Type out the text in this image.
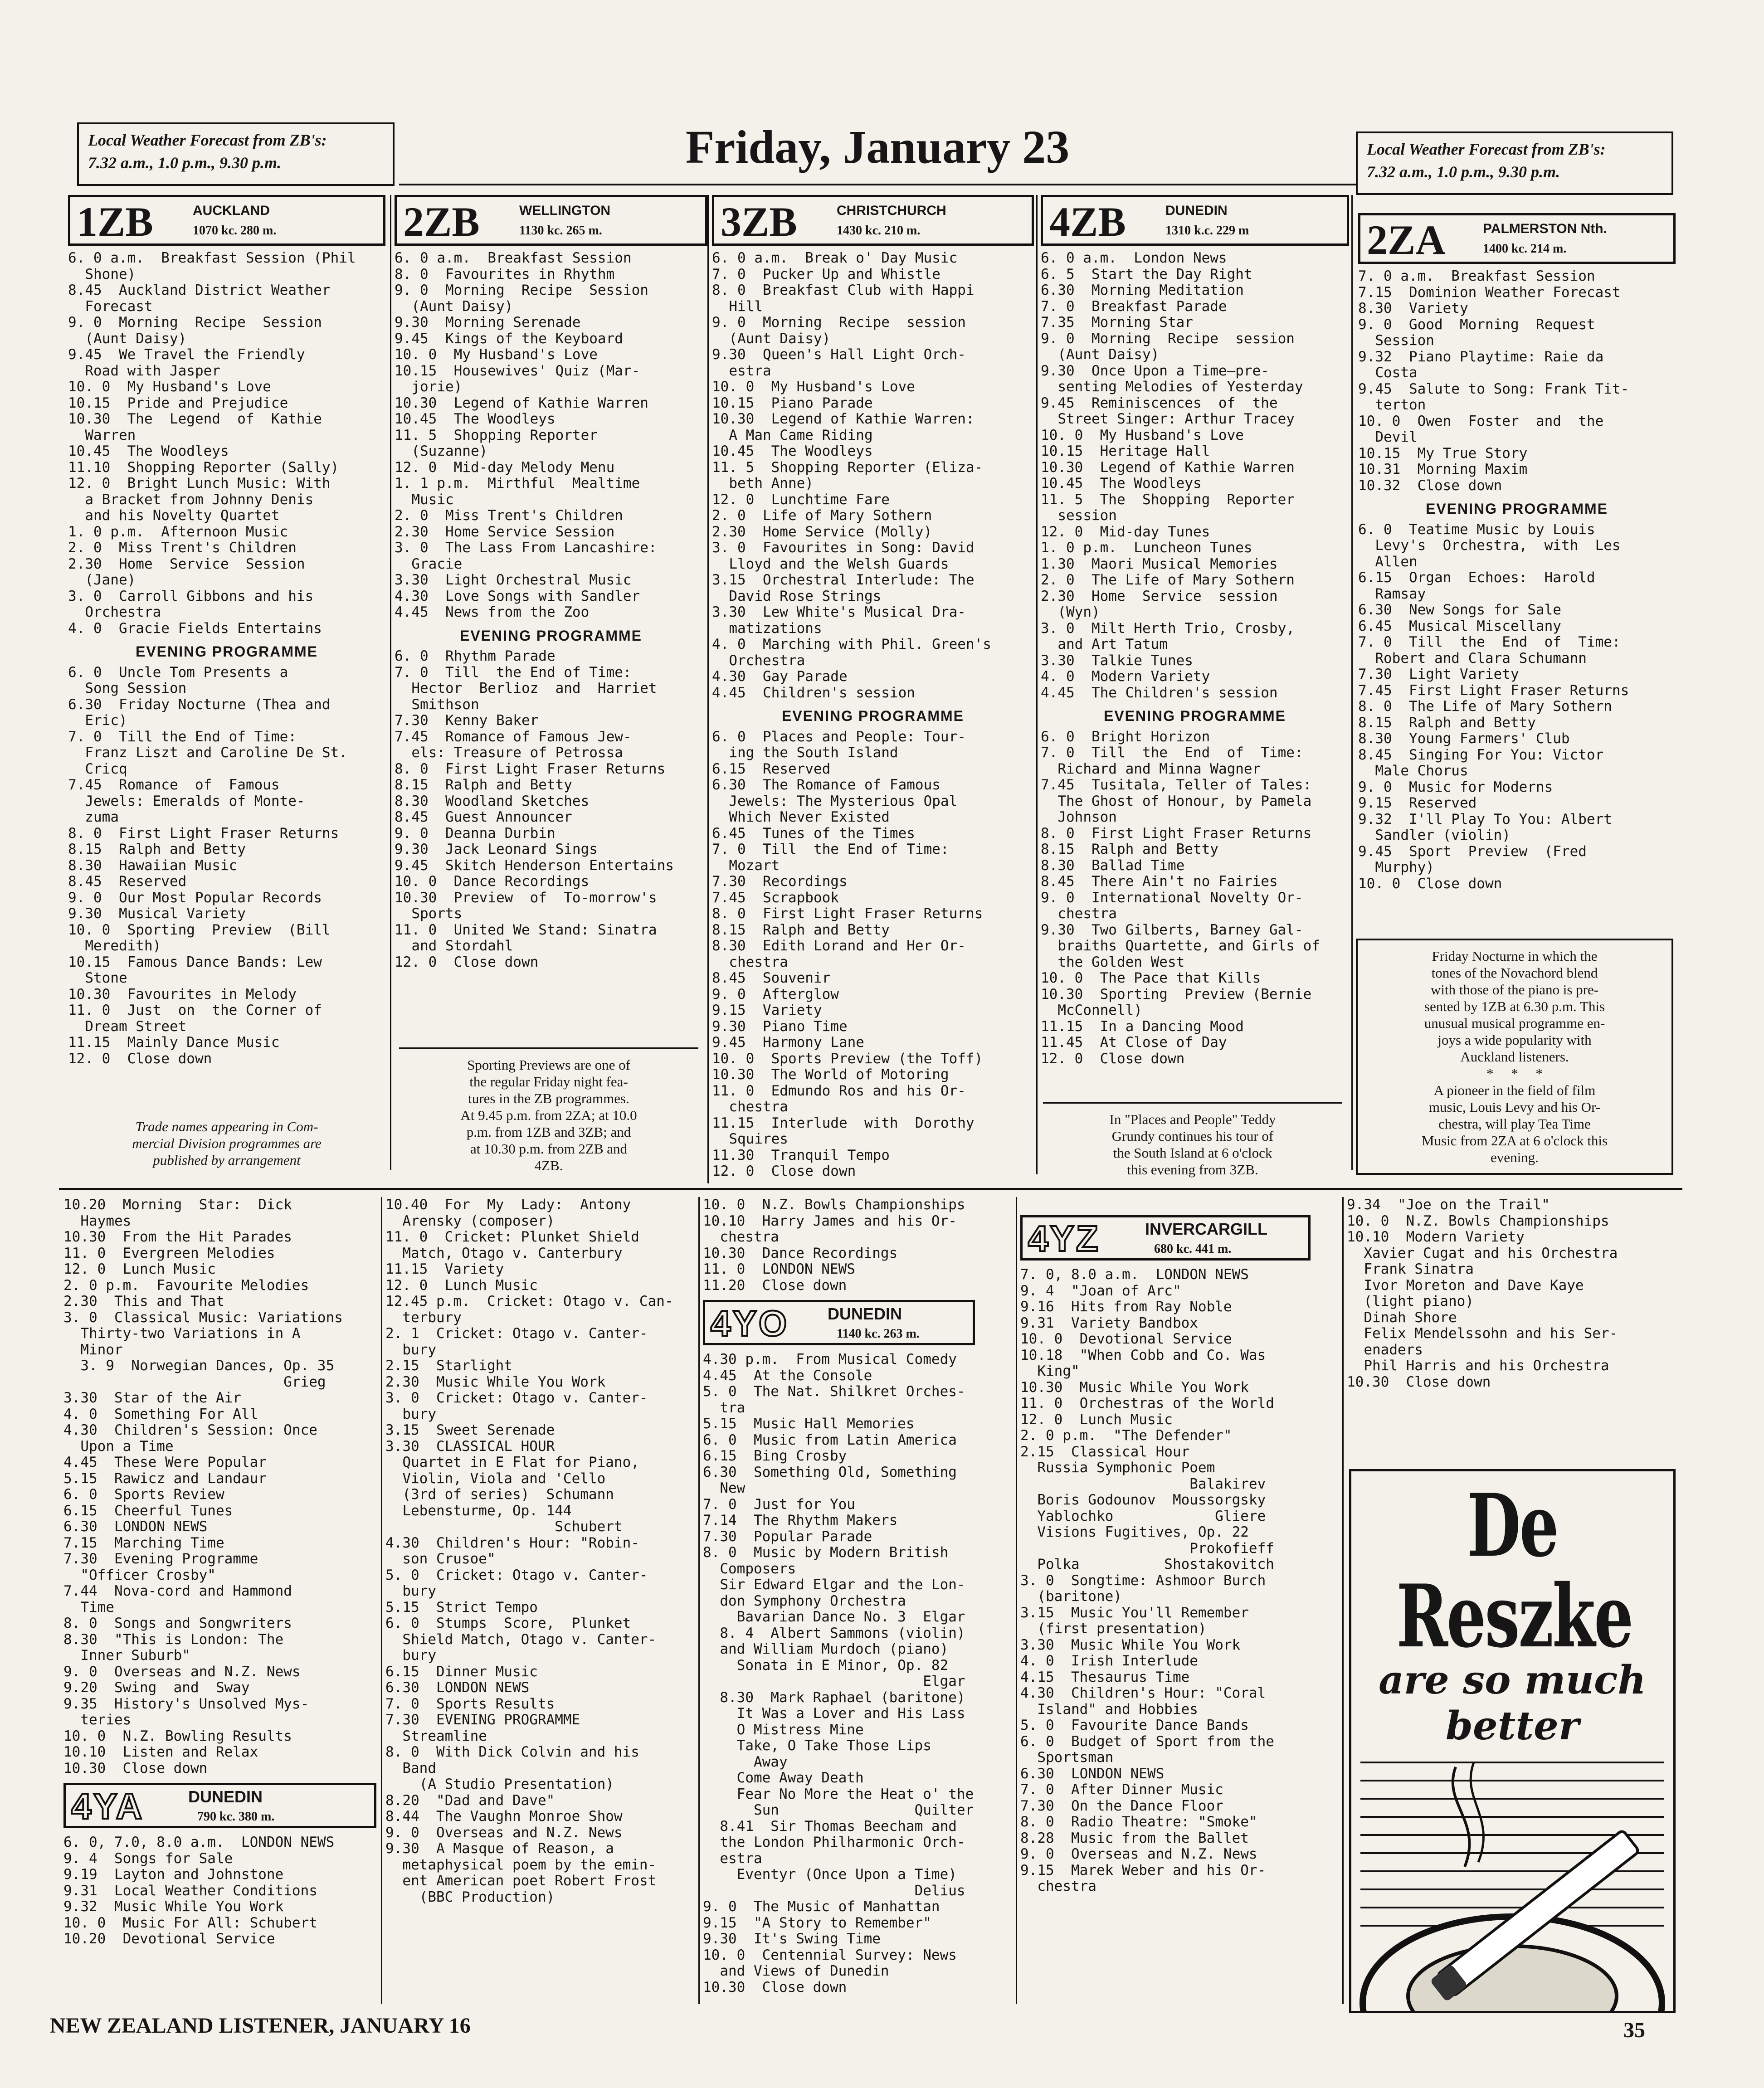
Local Weather Forecast from ZB's:
7.32 a.m., 1.0 p.m., 9.30 p.m.
Local Weather Forecast from ZB's:
7.32 a.m., 1.0 p.m., 9.30 p.m.
Friday, January 23
1ZB	AUCKLAND
1070 kc. 280 m.
6. 0 a.m.  Breakfast Session (Phil
Shone)
8.45  Auckland District Weather
Forecast
9. 0  Morning  Recipe  Session
(Aunt Daisy)
9.45  We Travel the Friendly
Road with Jasper
10. 0  My Husband's Love
10.15  Pride and Prejudice
10.30  The  Legend  of  Kathie
Warren
10.45  The Woodleys
11.10  Shopping Reporter (Sally)
12. 0  Bright Lunch Music: With
a Bracket from Johnny Denis
and his Novelty Quartet
1. 0 p.m.  Afternoon Music
2. 0  Miss Trent's Children
2.30  Home  Service  Session
(Jane)
3. 0  Carroll Gibbons and his
Orchestra
4. 0  Gracie Fields Entertains
EVENING PROGRAMME
6. 0  Uncle Tom Presents a
Song Session
6.30  Friday Nocturne (Thea and
Eric)
7. 0  Till the End of Time:
Franz Liszt and Caroline De St.
Cricq
7.45  Romance  of  Famous
Jewels: Emeralds of Monte-
zuma
8. 0  First Light Fraser Returns
8.15  Ralph and Betty
8.30  Hawaiian Music
8.45  Reserved
9. 0  Our Most Popular Records
9.30  Musical Variety
10. 0  Sporting  Preview  (Bill
Meredith)
10.15  Famous Dance Bands: Lew
Stone
10.30  Favourites in Melody
11. 0  Just  on  the Corner of
Dream Street
11.15  Mainly Dance Music
12. 0  Close down
2ZB	WELLINGTON
1130 kc. 265 m.
6. 0 a.m.  Breakfast Session
8. 0  Favourites in Rhythm
9. 0  Morning  Recipe  Session
(Aunt Daisy)
9.30  Morning Serenade
9.45  Kings of the Keyboard
10. 0  My Husband's Love
10.15  Housewives' Quiz (Mar-
jorie)
10.30  Legend of Kathie Warren
10.45  The Woodleys
11. 5  Shopping Reporter
(Suzanne)
12. 0  Mid-day Melody Menu
1. 1 p.m.  Mirthful  Mealtime
Music
2. 0  Miss Trent's Children
2.30  Home Service Session
3. 0  The Lass From Lancashire:
Gracie
3.30  Light Orchestral Music
4.30  Love Songs with Sandler
4.45  News from the Zoo
EVENING PROGRAMME
6. 0  Rhythm Parade
7. 0  Till  the End of Time:
Hector  Berlioz  and  Harriet
Smithson
7.30  Kenny Baker
7.45  Romance of Famous Jew-
els: Treasure of Petrossa
8. 0  First Light Fraser Returns
8.15  Ralph and Betty
8.30  Woodland Sketches
8.45  Guest Announcer
9. 0  Deanna Durbin
9.30  Jack Leonard Sings
9.45  Skitch Henderson Entertains
10. 0  Dance Recordings
10.30  Preview  of  To-morrow's
Sports
11. 0  United We Stand: Sinatra
and Stordahl
12. 0  Close down
3ZB	CHRISTCHURCH
1430 kc. 210 m.
6. 0 a.m.  Break o' Day Music
7. 0  Pucker Up and Whistle
8. 0  Breakfast Club with Happi
Hill
9. 0  Morning  Recipe  session
(Aunt Daisy)
9.30  Queen's Hall Light Orch-
estra
10. 0  My Husband's Love
10.15  Piano Parade
10.30  Legend of Kathie Warren:
A Man Came Riding
10.45  The Woodleys
11. 5  Shopping Reporter (Eliza-
beth Anne)
12. 0  Lunchtime Fare
2. 0  Life of Mary Sothern
2.30  Home Service (Molly)
3. 0  Favourites in Song: David
Lloyd and the Welsh Guards
3.15  Orchestral Interlude: The
David Rose Strings
3.30  Lew White's Musical Dra-
matizations
4. 0  Marching with Phil. Green's
Orchestra
4.30  Gay Parade
4.45  Children's session
EVENING PROGRAMME
6. 0  Places and People: Tour-
ing the South Island
6.15  Reserved
6.30  The Romance of Famous
Jewels: The Mysterious Opal
Which Never Existed
6.45  Tunes of the Times
7. 0  Till  the End of Time:
Mozart
7.30  Recordings
7.45  Scrapbook
8. 0  First Light Fraser Returns
8.15  Ralph and Betty
8.30  Edith Lorand and Her Or-
chestra
8.45  Souvenir
9. 0  Afterglow
9.15  Variety
9.30  Piano Time
9.45  Harmony Lane
10. 0  Sports Preview (the Toff)
10.30  The World of Motoring
11. 0  Edmundo Ros and his Or-
chestra
11.15  Interlude  with  Dorothy
Squires
11.30  Tranquil Tempo
12. 0  Close down
4ZB	DUNEDIN
1310 k.c. 229 m
6. 0 a.m.  London News
6. 5  Start the Day Right
6.30  Morning Meditation
7. 0  Breakfast Parade
7.35  Morning Star
9. 0  Morning  Recipe  session
(Aunt Daisy)
9.30  Once Upon a Time—pre-
senting Melodies of Yesterday
9.45  Reminiscences  of  the
Street Singer: Arthur Tracey
10. 0  My Husband's Love
10.15  Heritage Hall
10.30  Legend of Kathie Warren
10.45  The Woodleys
11. 5  The  Shopping  Reporter
session
12. 0  Mid-day Tunes
1. 0 p.m.  Luncheon Tunes
1.30  Maori Musical Memories
2. 0  The Life of Mary Sothern
2.30  Home  Service  session
(Wyn)
3. 0  Milt Herth Trio, Crosby,
and Art Tatum
3.30  Talkie Tunes
4. 0  Modern Variety
4.45  The Children's session
EVENING PROGRAMME
6. 0  Bright Horizon
7. 0  Till  the  End  of  Time:
Richard and Minna Wagner
7.45  Tusitala, Teller of Tales:
The Ghost of Honour, by Pamela
Johnson
8. 0  First Light Fraser Returns
8.15  Ralph and Betty
8.30  Ballad Time
8.45  There Ain't no Fairies
9. 0  International Novelty Or-
chestra
9.30  Two Gilberts, Barney Gal-
braiths Quartette, and Girls of
the Golden West
10. 0  The Pace that Kills
10.30  Sporting  Preview (Bernie
McConnell)
11.15  In a Dancing Mood
11.45  At Close of Day
12. 0  Close down
2ZA	PALMERSTON Nth.
1400 kc. 214 m.
7. 0 a.m.  Breakfast Session
7.15  Dominion Weather Forecast
8.30  Variety
9. 0  Good  Morning  Request
Session
9.32  Piano Playtime: Raie da
Costa
9.45  Salute to Song: Frank Tit-
terton
10. 0  Owen  Foster  and  the
Devil
10.15  My True Story
10.31  Morning Maxim
10.32  Close down
EVENING PROGRAMME
6. 0  Teatime Music by Louis
Levy's  Orchestra,  with  Les
Allen
6.15  Organ  Echoes:  Harold
Ramsay
6.30  New Songs for Sale
6.45  Musical Miscellany
7. 0  Till  the  End  of  Time:
Robert and Clara Schumann
7.30  Light Variety
7.45  First Light Fraser Returns
8. 0  The Life of Mary Sothern
8.15  Ralph and Betty
8.30  Young Farmers' Club
8.45  Singing For You: Victor
Male Chorus
9. 0  Music for Moderns
9.15  Reserved
9.32  I'll Play To You: Albert
Sandler (violin)
9.45  Sport  Preview  (Fred
Murphy)
10. 0  Close down
Trade names appearing in Com-
mercial Division programmes are
published by arrangement
Sporting Previews are one of
the regular Friday night fea-
tures in the ZB programmes.
At 9.45 p.m. from 2ZA; at 10.0
p.m. from 1ZB and 3ZB; and
at 10.30 p.m. from 2ZB and
4ZB.
In "Places and People" Teddy
Grundy continues his tour of
the South Island at 6 o'clock
this evening from 3ZB.
Friday Nocturne in which the
tones of the Novachord blend
with those of the piano is pre-
sented by 1ZB at 6.30 p.m. This
unusual musical programme en-
joys a wide popularity with
Auckland listeners.
*     *     *
A pioneer in the field of film
music, Louis Levy and his Or-
chestra, will play Tea Time
Music from 2ZA at 6 o'clock this
evening.
10.20  Morning  Star:  Dick
Haymes
10.30  From the Hit Parades
11. 0  Evergreen Melodies
12. 0  Lunch Music
2. 0 p.m.  Favourite Melodies
2.30  This and That
3. 0  Classical Music: Variations
Thirty-two Variations in A
Minor
3. 9  Norwegian Dances, Op. 35
Grieg
3.30  Star of the Air
4. 0  Something For All
4.30  Children's Session: Once
Upon a Time
4.45  These Were Popular
5.15  Rawicz and Landaur
6. 0  Sports Review
6.15  Cheerful Tunes
6.30  LONDON NEWS
7.15  Marching Time
7.30  Evening Programme
"Officer Crosby"
7.44  Nova-cord and Hammond
Time
8. 0  Songs and Songwriters
8.30  "This is London: The
Inner Suburb"
9. 0  Overseas and N.Z. News
9.20  Swing  and  Sway
9.35  History's Unsolved Mys-
teries
10. 0  N.Z. Bowling Results
10.10  Listen and Relax
10.30  Close down
4YA	DUNEDIN
790 kc. 380 m.
6. 0, 7.0, 8.0 a.m.  LONDON NEWS
9. 4  Songs for Sale
9.19  Layton and Johnstone
9.31  Local Weather Conditions
9.32  Music While You Work
10. 0  Music For All: Schubert
10.20  Devotional Service
10.40  For  My  Lady:  Antony
Arensky (composer)
11. 0  Cricket: Plunket Shield
Match, Otago v. Canterbury
11.15  Variety
12. 0  Lunch Music
12.45 p.m.  Cricket: Otago v. Can-
terbury
2. 1  Cricket: Otago v. Canter-
bury
2.15  Starlight
2.30  Music While You Work
3. 0  Cricket: Otago v. Canter-
bury
3.15  Sweet Serenade
3.30  CLASSICAL HOUR
Quartet in E Flat for Piano,
Violin, Viola and 'Cello
(3rd of series)  Schumann
Lebensturme, Op. 144
Schubert
4.30  Children's Hour: "Robin-
son Crusoe"
5. 0  Cricket: Otago v. Canter-
bury
5.15  Strict Tempo
6. 0  Stumps  Score,  Plunket
Shield Match, Otago v. Canter-
bury
6.15  Dinner Music
6.30  LONDON NEWS
7. 0  Sports Results
7.30  EVENING PROGRAMME
Streamline
8. 0  With Dick Colvin and his
Band
(A Studio Presentation)
8.20  "Dad and Dave"
8.44  The Vaughn Monroe Show
9. 0  Overseas and N.Z. News
9.30  A Masque of Reason, a
metaphysical poem by the emin-
ent American poet Robert Frost
(BBC Production)
10. 0  N.Z. Bowls Championships
10.10  Harry James and his Or-
chestra
10.30  Dance Recordings
11. 0  LONDON NEWS
11.20  Close down
4YO DUNEDIN
1140 kc. 263 m.
4.30 p.m.  From Musical Comedy
4.45  At the Console
5. 0  The Nat. Shilkret Orches-
tra
5.15  Music Hall Memories
6. 0  Music from Latin America
6.15  Bing Crosby
6.30  Something Old, Something
New
7. 0  Just for You
7.14  The Rhythm Makers
7.30  Popular Parade
8. 0  Music by Modern British
Composers
Sir Edward Elgar and the Lon-
don Symphony Orchestra
Bavarian Dance No. 3  Elgar
8. 4  Albert Sammons (violin)
and William Murdoch (piano)
Sonata in E Minor, Op. 82
Elgar
8.30  Mark Raphael (baritone)
It Was a Lover and His Lass
O Mistress Mine
Take, O Take Those Lips
Away
Come Away Death
Fear No More the Heat o' the
Sun                Quilter
8.41  Sir Thomas Beecham and
the London Philharmonic Orch-
estra
Eventyr (Once Upon a Time)
Delius
9. 0  The Music of Manhattan
9.15  "A Story to Remember"
9.30  It's Swing Time
10. 0  Centennial Survey: News
and Views of Dunedin
10.30  Close down
4YZ	INVERCARGILL
680 kc. 441 m.
7. 0, 8.0 a.m.  LONDON NEWS
9. 4  "Joan of Arc"
9.16  Hits from Ray Noble
9.31  Variety Bandbox
10. 0  Devotional Service
10.18  "When Cobb and Co. Was
King"
10.30  Music While You Work
11. 0  Orchestras of the World
12. 0  Lunch Music
2. 0 p.m.  "The Defender"
2.15  Classical Hour
Russia Symphonic Poem
Balakirev
Boris Godounov  Moussorgsky
Yablochko            Gliere
Visions Fugitives, Op. 22
Prokofieff
Polka          Shostakovitch
3. 0  Songtime: Ashmoor Burch
(baritone)
3.15  Music You'll Remember
(first presentation)
3.30  Music While You Work
4. 0  Irish Interlude
4.15  Thesaurus Time
4.30  Children's Hour: "Coral
Island" and Hobbies
5. 0  Favourite Dance Bands
6. 0  Budget of Sport from the
Sportsman
6.30  LONDON NEWS
7. 0  After Dinner Music
7.30  On the Dance Floor
8. 0  Radio Theatre: "Smoke"
8.28  Music from the Ballet
9. 0  Overseas and N.Z. News
9.15  Marek Weber and his Or-
chestra
9.34  "Joe on the Trail"
10. 0  N.Z. Bowls Championships
10.10  Modern Variety
Xavier Cugat and his Orchestra
Frank Sinatra
Ivor Moreton and Dave Kaye
(light piano)
Dinah Shore
Felix Mendelssohn and his Ser-
enaders
Phil Harris and his Orchestra
10.30  Close down
De Reszke
are so much better
NEW ZEALAND LISTENER, JANUARY 16	35
